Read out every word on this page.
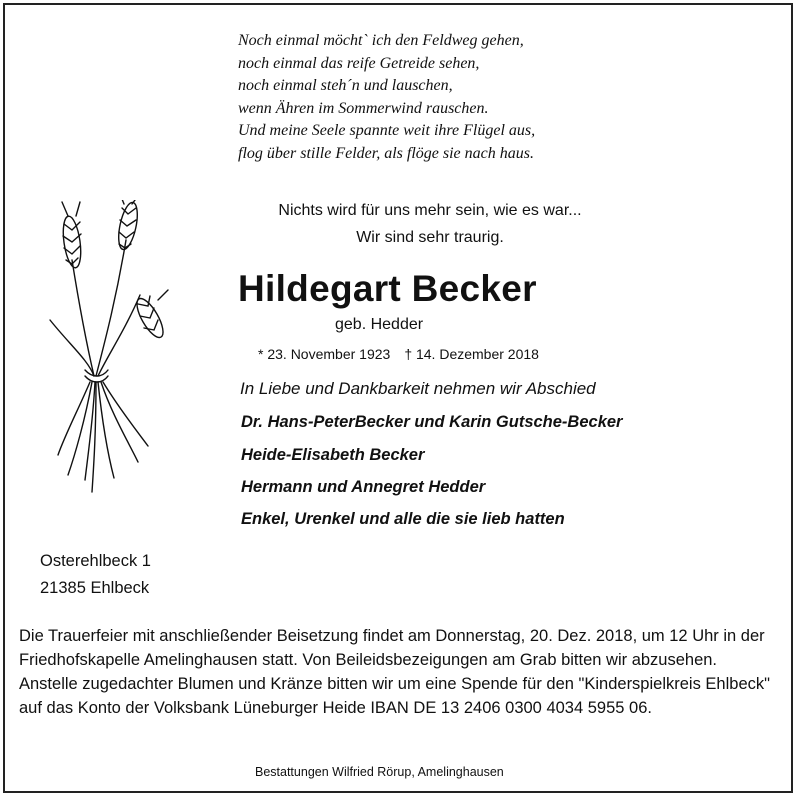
Noch einmal möcht` ich den Feldweg gehen,
noch einmal das reife Getreide sehen,
noch einmal steh´n und lauschen,
wenn Ähren im Sommerwind rauschen.
Und meine Seele spannte weit ihre Flügel aus,
flog über stille Felder, als flöge sie nach haus.
Nichts wird für uns mehr sein, wie es war...
Wir sind sehr traurig.
Hildegart Becker
geb. Hedder
* 23. November 1923 † 14. Dezember 2018
In Liebe und Dankbarkeit nehmen wir Abschied
Dr. Hans-PeterBecker und Karin Gutsche-Becker
Heide-Elisabeth Becker
Hermann und Annegret Hedder
Enkel, Urenkel und alle die sie lieb hatten
Osterehlbeck 1
21385 Ehlbeck
Die Trauerfeier mit anschließender Beisetzung findet am Donnerstag, 20. Dez. 2018, um 12 Uhr in der Friedhofskapelle Amelinghausen statt. Von Beileidsbezeigungen am Grab bitten wir abzusehen. Anstelle zugedachter Blumen und Kränze bitten wir um eine Spende für den "Kinderspielkreis Ehlbeck" auf das Konto der Volksbank Lüneburger Heide IBAN DE 13 2406 0300 4034 5955 06.
Bestattungen Wilfried Rörup, Amelinghausen
